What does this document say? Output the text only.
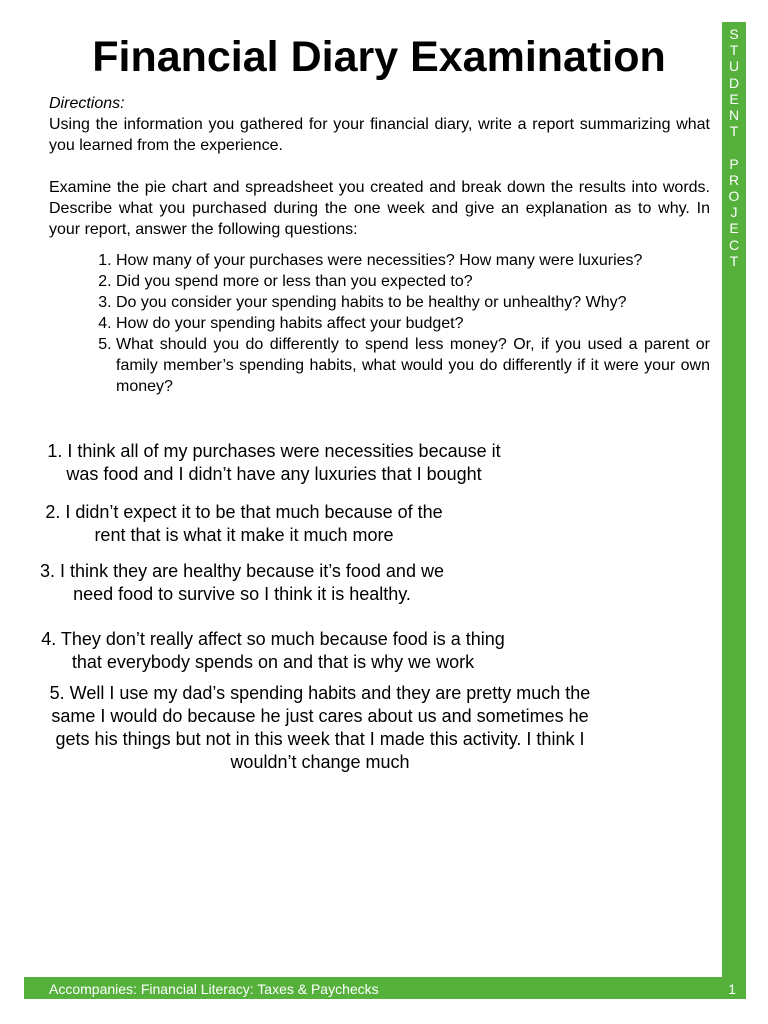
Financial Diary Examination
Directions:

Using the information you gathered for your financial diary, write a report summarizing what you learned from the experience.

Examine the pie chart and spreadsheet you created and break down the results into words. Describe what you purchased during the one week and give an explanation as to why. In your report, answer the following questions:

1. How many of your purchases were necessities? How many were luxuries?
2. Did you spend more or less than you expected to?
3. Do you consider your spending habits to be healthy or unhealthy? Why?
4. How do your spending habits affect your budget?
5. What should you do differently to spend less money? Or, if you used a parent or family member’s spending habits, what would you do differently if it were your own money?

1. I think all of my purchases were necessities because it
was food and I didn’t have any luxuries that I bought

2. I didn’t expect it to be that much because of the
rent that is what it make it much more

3. I think they are healthy because it’s food and we
need food to survive so I think it is healthy.

4. They don’t really affect so much because food is a thing
that everybody spends on and that is why we work

5. Well I use my dad’s spending habits and they are pretty much the
same I would do because he just cares about us and sometimes he
gets his things but not in this week that I made this activity. I think I
wouldn’t change much

S
T
U
D
E
N
T

P
R
O
J
E
C
T
Accompanies: Financial Literacy: Taxes & Paychecks	1
